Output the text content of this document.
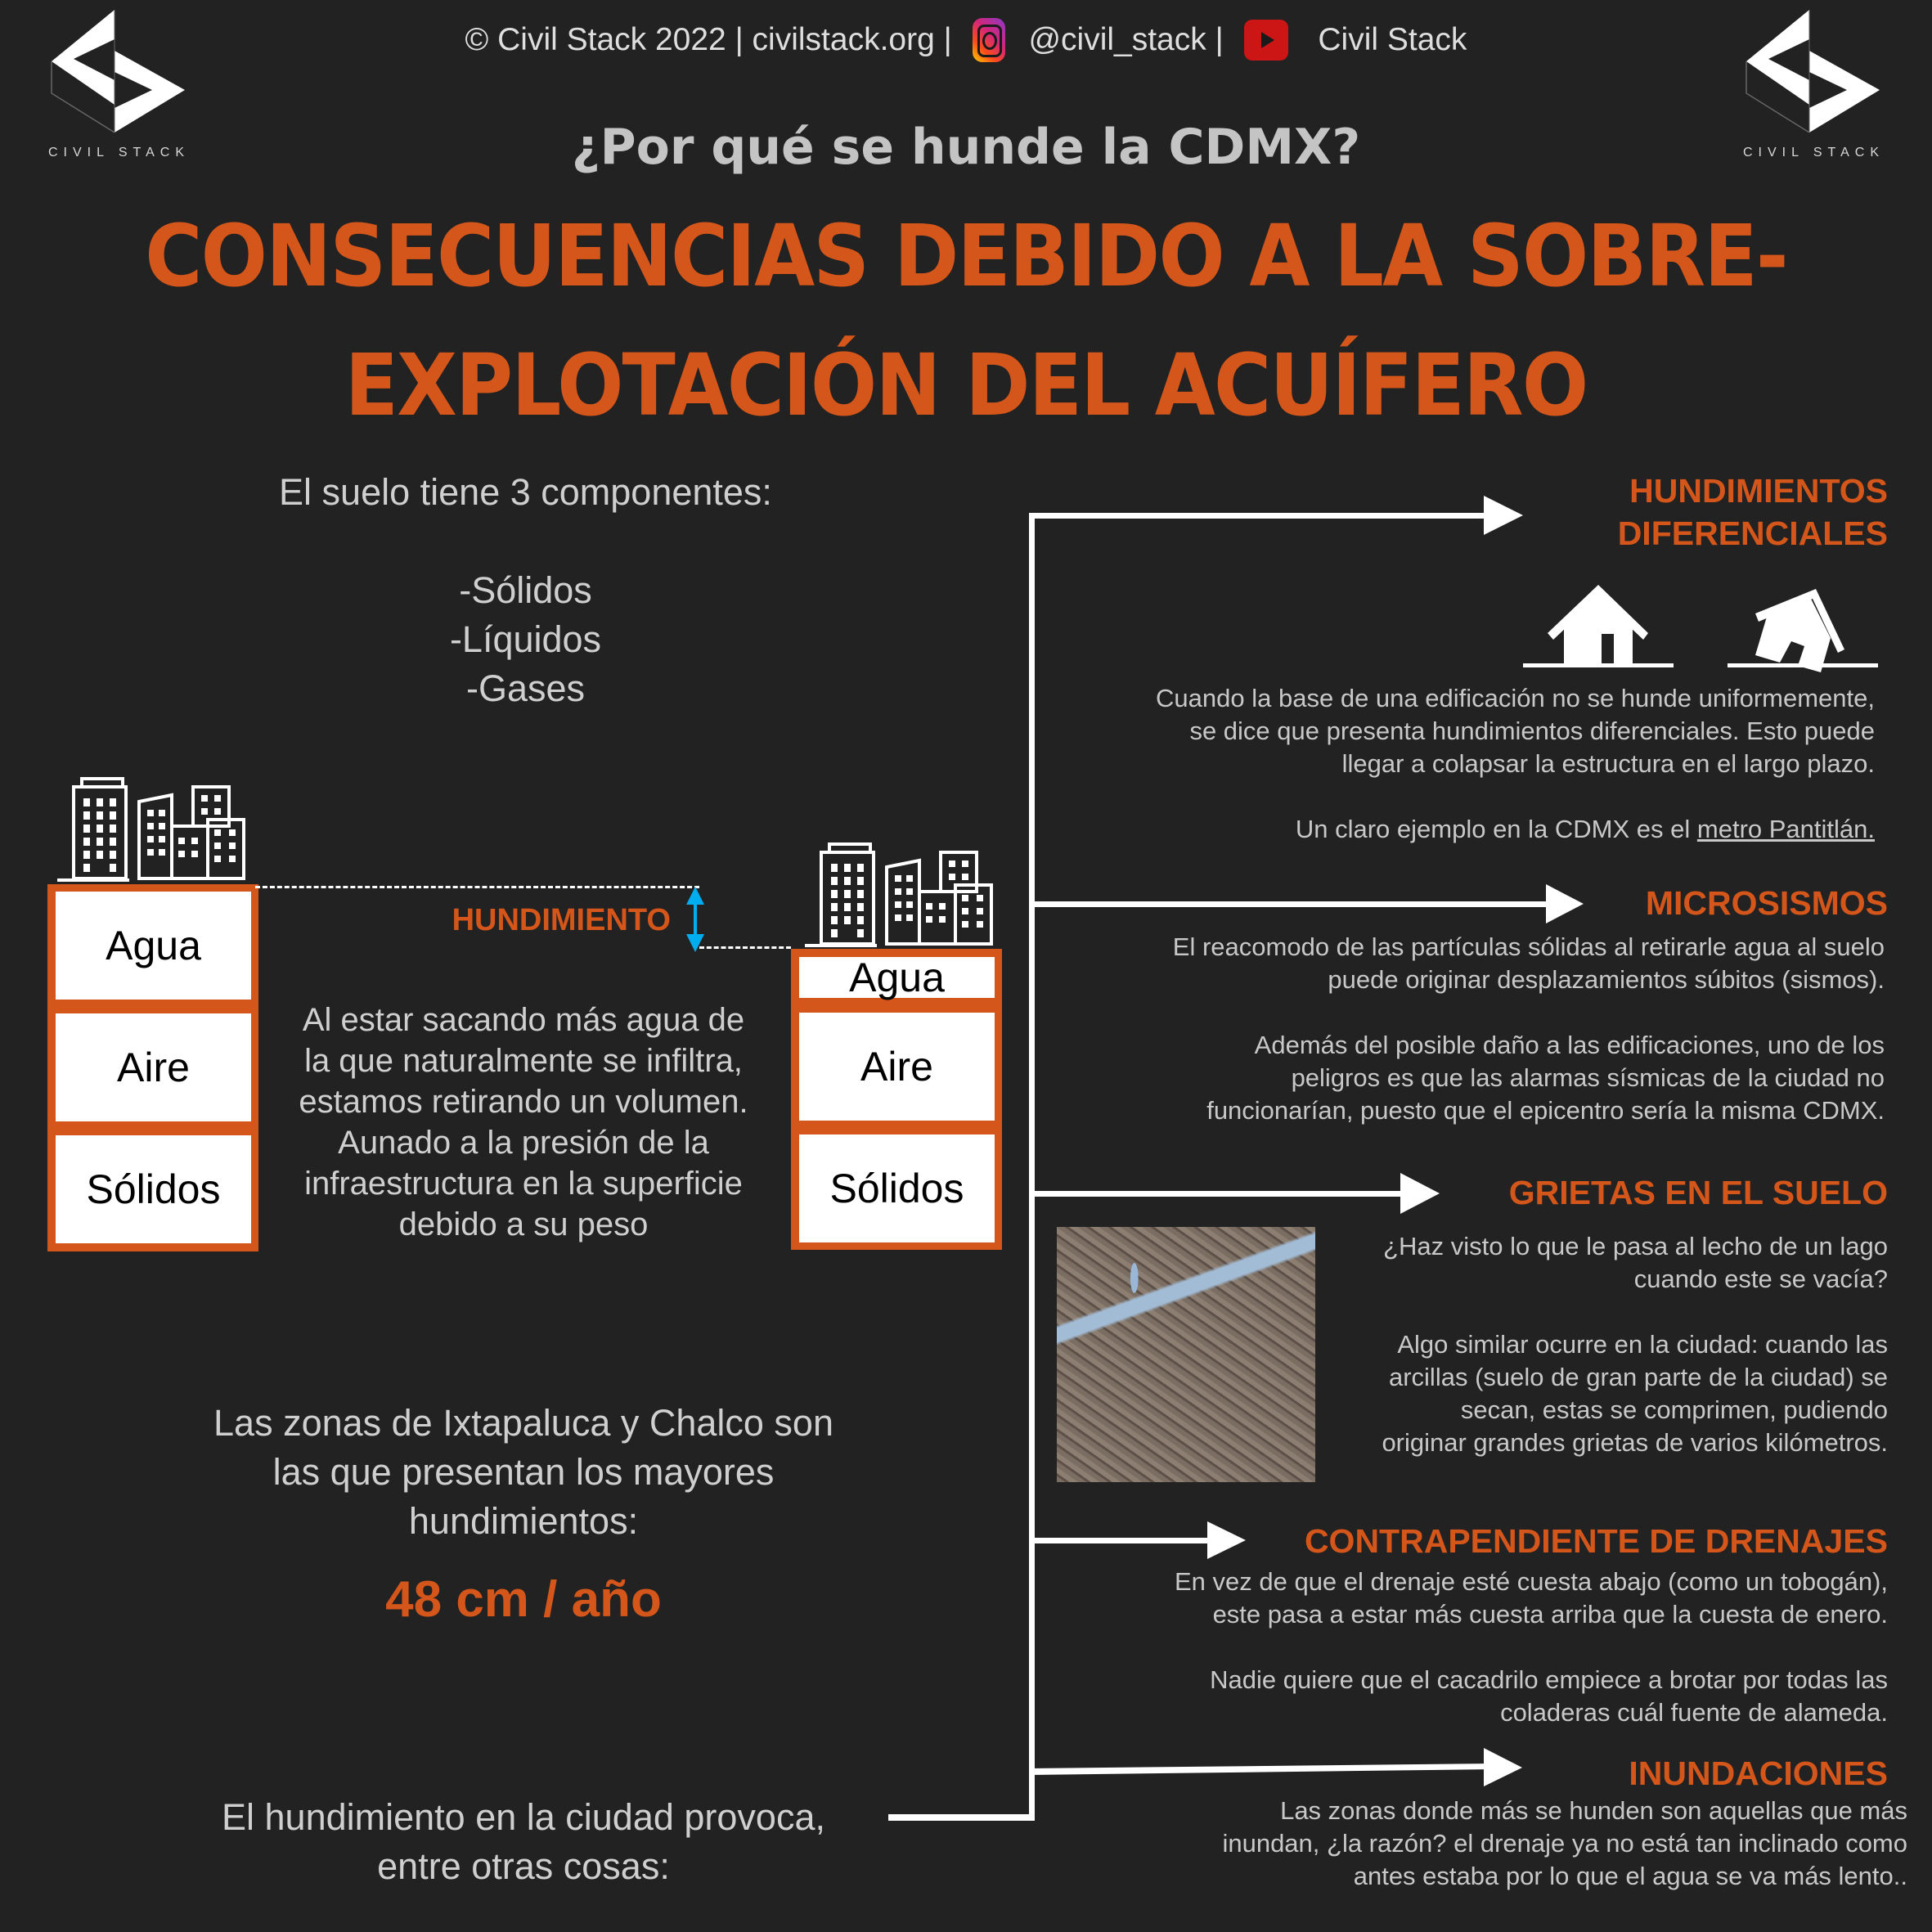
CIVIL STACK	CIVIL STACK
© Civil Stack 2022 | civilstack.org | @civil_stack |	Civil Stack
¿Por qué se hunde la CDMX?
CONSECUENCIAS DEBIDO A LA SOBRE-
EXPLOTACIÓN DEL ACUÍFERO
El suelo tiene 3 componentes:
-Sólidos
-Líquidos
-Gases
Agua
Aire
Sólidos
HUNDIMIENTO
Agua
Aire
Sólidos
Al estar sacando más agua de
la que naturalmente se infiltra,
estamos retirando un volumen.
Aunado a la presión de la
infraestructura en la superficie
debido a su peso
Las zonas de Ixtapaluca y Chalco son
las que presentan los mayores
hundimientos:
48 cm / año
El hundimiento en la ciudad provoca,
entre otras cosas:
HUNDIMIENTOS
DIFERENCIALES
Cuando la base de una edificación no se hunde uniformemente,
se dice que presenta hundimientos diferenciales. Esto puede
llegar a colapsar la estructura en el largo plazo.
Un claro ejemplo en la CDMX es el metro Pantitlán.
MICROSISMOS
El reacomodo de las partículas sólidas al retirarle agua al suelo
puede originar desplazamientos súbitos (sismos).
Además del posible daño a las edificaciones, uno de los
peligros es que las alarmas sísmicas de la ciudad no
funcionarían, puesto que el epicentro sería la misma CDMX.
GRIETAS EN EL SUELO
¿Haz visto lo que le pasa al lecho de un lago
cuando este se vacía?
Algo similar ocurre en la ciudad: cuando las
arcillas (suelo de gran parte de la ciudad) se
secan, estas se comprimen, pudiendo
originar grandes grietas de varios kilómetros.
CONTRAPENDIENTE DE DRENAJES
En vez de que el drenaje esté cuesta abajo (como un tobogán),
este pasa a estar más cuesta arriba que la cuesta de enero.
Nadie quiere que el cacadrilo empiece a brotar por todas las
coladeras cuál fuente de alameda.
INUNDACIONES
Las zonas donde más se hunden son aquellas que más
inundan, ¿la razón? el drenaje ya no está tan inclinado como
antes estaba por lo que el agua se va más lento..
